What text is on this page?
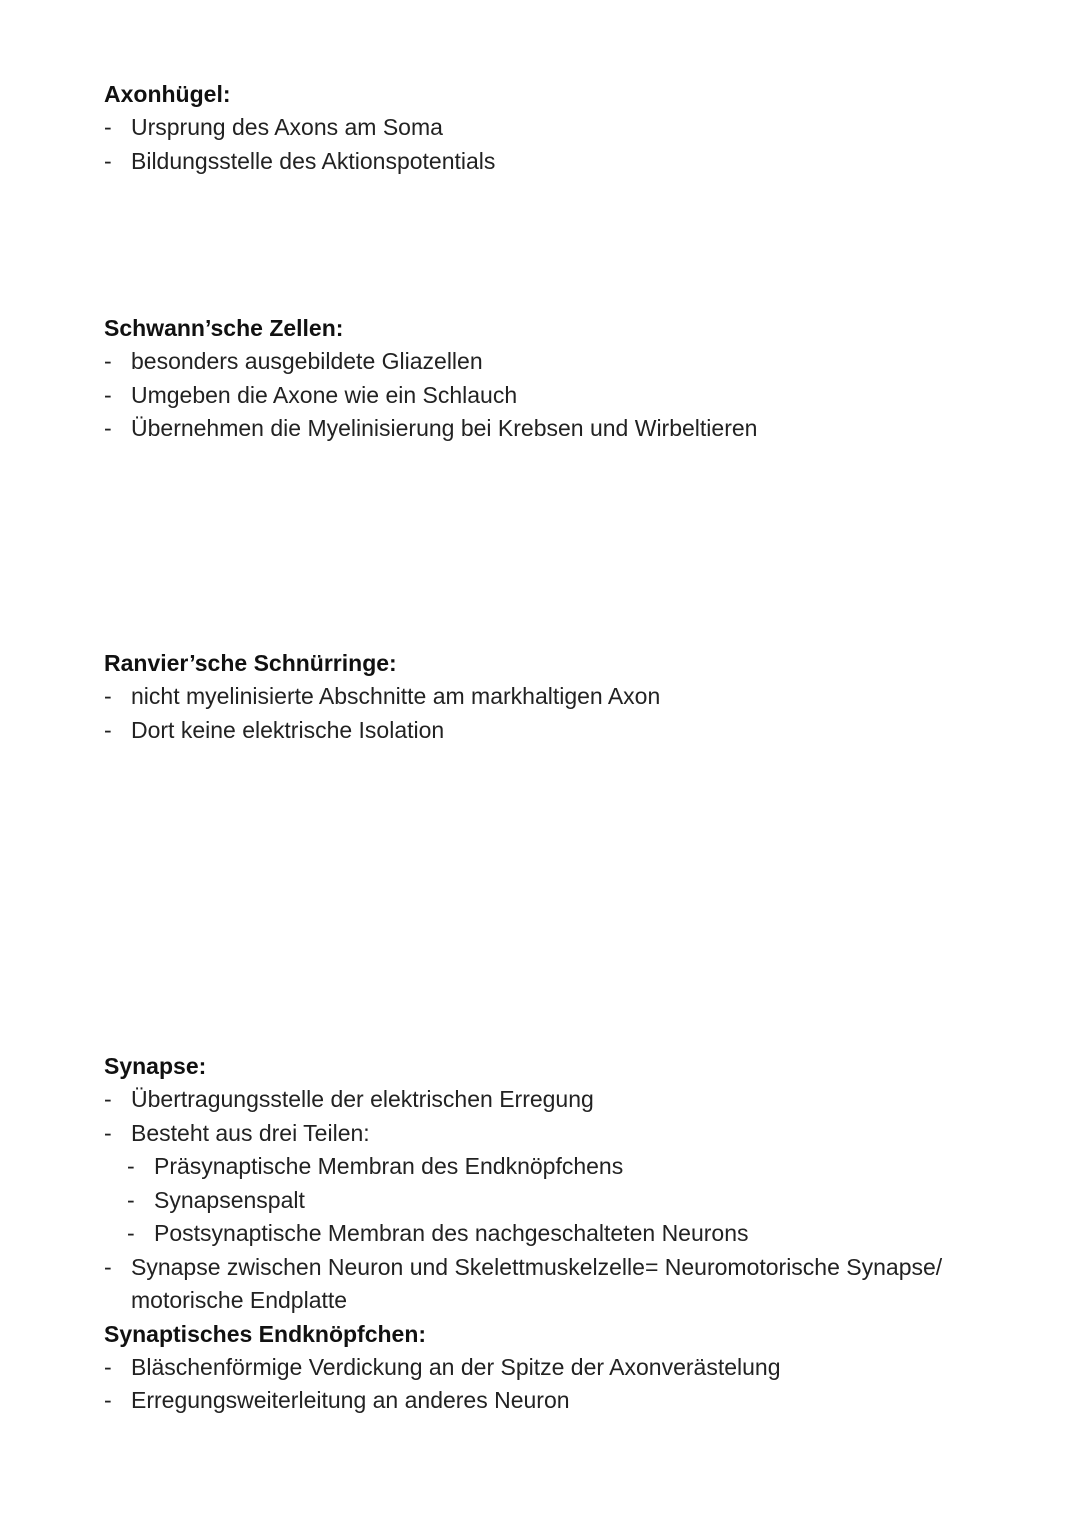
Axonhügel:
- Ursprung des Axons am Soma
- Bildungsstelle des Aktionspotentials
Schwann’sche Zellen:
- besonders ausgebildete Gliazellen
- Umgeben die Axone wie ein Schlauch
- Übernehmen die Myelinisierung bei Krebsen und Wirbeltieren
Ranvier’sche Schnürringe:
- nicht myelinisierte Abschnitte am markhaltigen Axon
- Dort keine elektrische Isolation
Synapse:
- Übertragungsstelle der elektrischen Erregung
- Besteht aus drei Teilen:
- Präsynaptische Membran des Endknöpfchens
- Synapsenspalt
- Postsynaptische Membran des nachgeschalteten Neurons
- Synapse zwischen Neuron und Skelettmuskelzelle= Neuromotorische Synapse/
motorische Endplatte
Synaptisches Endknöpfchen:
- Bläschenförmige Verdickung an der Spitze der Axonverästelung
- Erregungsweiterleitung an anderes Neuron
